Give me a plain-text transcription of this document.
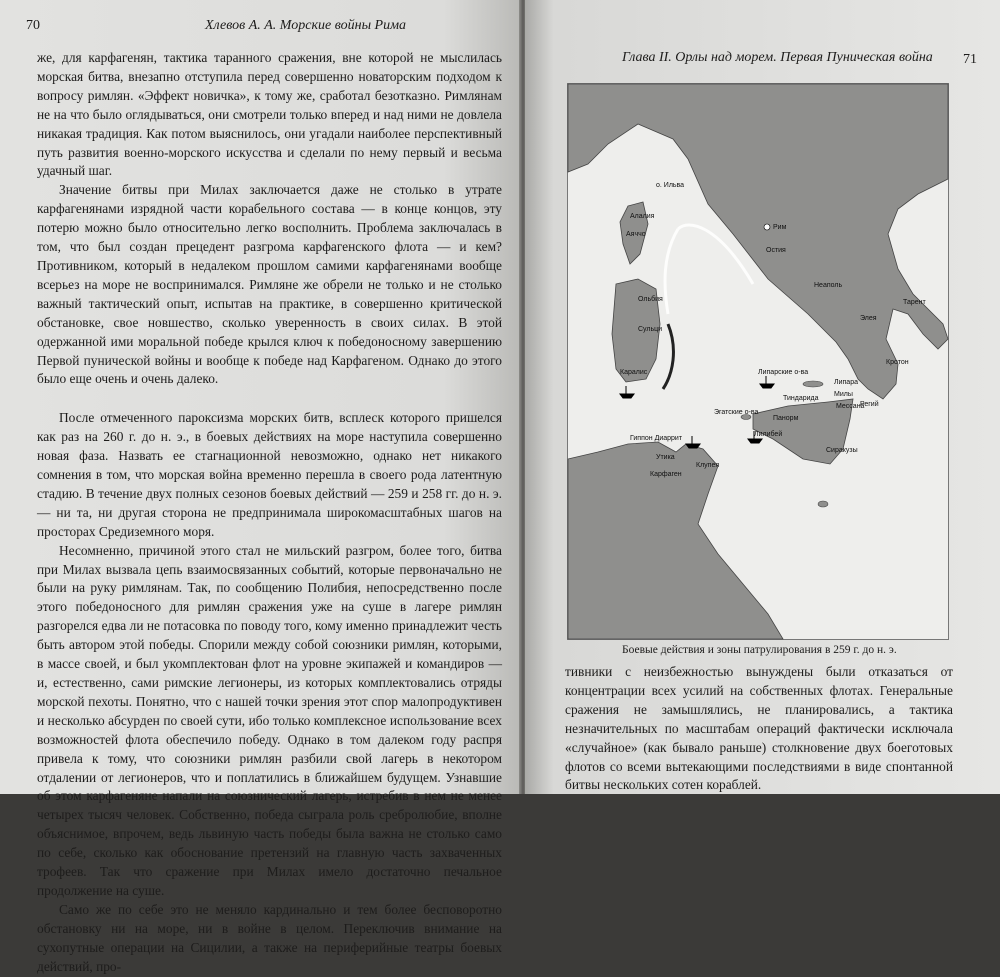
70	Хлевов А. А. Морские войны Рима

же, для карфагенян, тактика таранного сражения, вне которой не мыслилась морская битва, внезапно отступила перед совершенно новаторским подходом к вопросу римлян. «Эффект новичка», к тому же, сработал безотказно. Римлянам не на что было оглядываться, они смотрели только вперед и над ними не довлела никакая традиция. Как потом выяснилось, они угадали наиболее перспективный путь развития военно-морского искусства и сделали по нему первый и весьма удачный шаг.

Значение битвы при Милах заключается даже не столько в утрате карфагенянами изрядной части корабельного состава — в конце концов, эту потерю можно было относительно легко восполнить. Проблема заключалась в том, что был создан прецедент разгрома карфагенского флота — и кем? Противником, который в недалеком прошлом самими карфагенянами вообще всерьез на море не воспринимался. Римляне же обрели не только и не столько важный тактический опыт, испытав на практике, в совершенно критической обстановке, свое новшество, сколько уверенность в своих силах. В этой одержанной ими моральной победе крылся ключ к победоносному завершению Первой пунической войны и вообще к победе над Карфагеном. Однако до этого было еще очень и очень далеко.

После отмеченного пароксизма морских битв, всплеск которого пришелся как раз на 260 г. до н. э., в боевых действиях на море наступила совершенно новая фаза. Назвать ее стагнационной невозможно, однако нет никакого сомнения в том, что морская война временно перешла в своего рода латентную стадию. В течение двух полных сезонов боевых действий — 259 и 258 гг. до н. э. — ни та, ни другая сторона не предпринимала широкомасштабных шагов на просторах Средиземного моря.

Несомненно, причиной этого стал не мильский разгром, более того, битва при Милах вызвала цепь взаимосвязанных событий, которые первоначально не были на руку римлянам. Так, по сообщению Полибия, непосредственно после этого победоносного для римлян сражения уже на суше в лагере римлян разгорелся едва ли не потасовка по поводу того, кому именно принадлежит честь быть автором этой победы. Спорили между собой союзники римлян, которыми, в массе своей, и был укомплектован флот на уровне экипажей и командиров — и, естественно, сами римские легионеры, из которых комплектовались отряды морской пехоты. Понятно, что с нашей точки зрения этот спор малопродуктивен и несколько абсурден по своей сути, ибо только комплексное использование всех возможностей флота обеспечило победу. Однако в том далеком году распря привела к тому, что союзники римлян разбили свой лагерь в некотором отдалении от легионеров, что и поплатились в ближайшем будущем. Узнавшие об этом карфагеняне напали на союзнический лагерь, истребив в нем не менее четырех тысяч человек. Собственно, победа сыграла роль сребролюбие, вполне объяснимое, впрочем, ведь львиную часть победы была важна не столько само по себе, сколько как обоснование претензий на главную часть захваченных трофеев. Так что сражение при Милах имело достаточно печальное продолжение на суше.

Само же по себе это не меняло кардинально и тем более бесповоротно обстановку ни на море, ни в войне в целом. Переключив внимание на сухопутные операции на Сицилии, а также на периферийные театры боевых действий, про-

Глава II. Орлы над морем. Первая Пуническая война 71
о. Ильва
Рим
Остия
Алалия
Аяччо
Ольбия
Сульци
Каралис
Неаполь
Тарент
Элея
Кротон
Липарские о-ва
Липара
Милы
Тиндарида
Эгатские о-ва
Панорм
Сиракузы
Лилибей
Гиппон Диаррит
Утика
Карфаген
Клупея
Регий
Мессана
Боевые действия и зоны патрулирования в 259 г. до н. э.

тивники с неизбежностью вынуждены были отказаться от концентрации всех усилий на собственных флотах. Генеральные сражения не замышлялись, не планировались, а тактика незначительных по масштабам операций фактически исключала «случайное» (как бывало раньше) столкновение двух боеготовых флотов со всеми вытекающими последствиями в виде спонтанной битвы нескольких сотен кораблей.
